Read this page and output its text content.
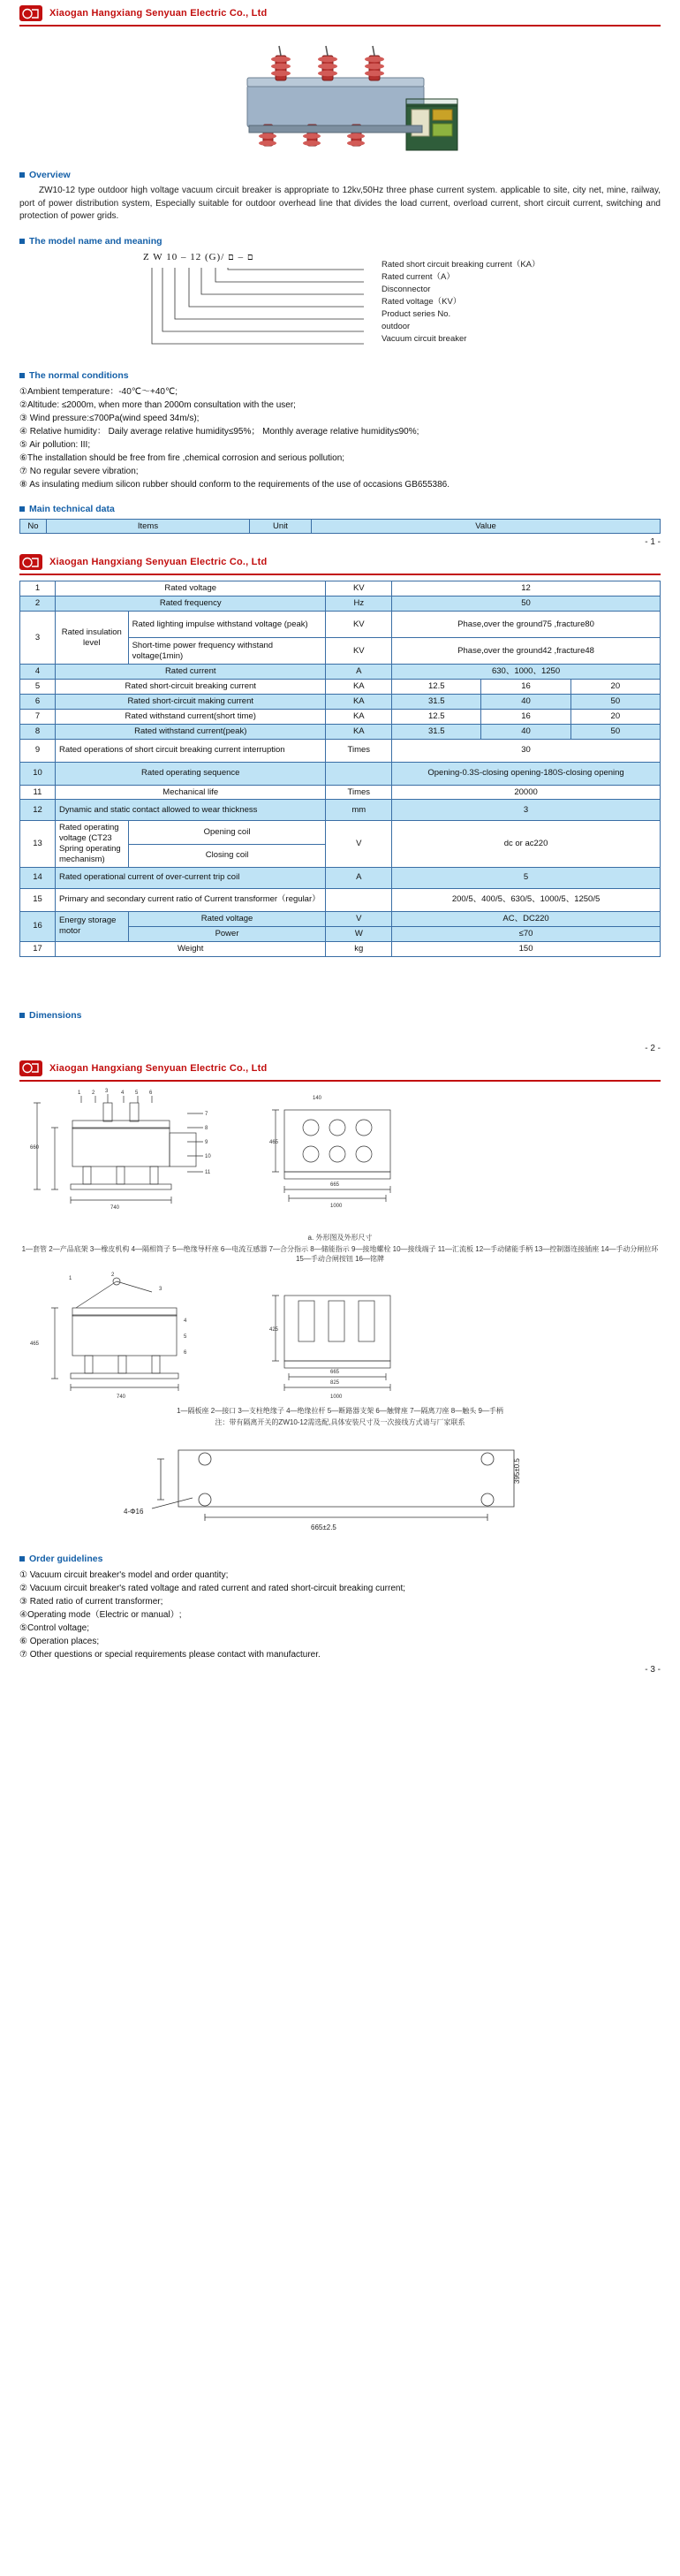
Xiaogan Hangxiang Senyuan Electric Co., Ltd
Overview

ZW10-12 type outdoor high voltage vacuum circuit breaker is appropriate to 12kv,50Hz three phase current system. applicable to site, city net, mine, railway, port of power distribution system, Especially suitable for outdoor overhead line that divides the load current, overload current, short circuit current, switching and protection of power grids.

The model name and meaning
Z W 10 – 12 (G)/ ם – ם
Rated short circuit breaking current（KA）
Rated current（A）
Disconnector
Rated voltage（KV）
Product series No.
outdoor
Vacuum circuit breaker
The normal conditions
①Ambient temperature：-40℃～+40℃;
②Altitude: ≤2000m, when more than 2000m consultation with the user;
③ Wind pressure:≤700Pa(wind speed 34m/s);
④ Relative humidity： Daily average relative humidity≤95%； Monthly average relative humidity≤90%;
⑤ Air pollution: III;
⑥The installation should be free from fire ,chemical corrosion and serious pollution;
⑦ No regular severe vibration;
⑧ As insulating medium silicon rubber should conform to the requirements of the use of occasions GB655386.
Main technical data
No	Items	Unit	Value
- 1 -
Xiaogan Hangxiang Senyuan Electric Co., Ltd
1	Rated voltage		KV	12		
2	Rated frequency		Hz	50		
3	Rated insulation level	Rated lighting impulse withstand voltage (peak)	KV	Phase,over the ground75 ,fracture80		
		Short-time power frequency withstand voltage(1min)	KV	Phase,over the ground42 ,fracture48		
4	Rated current		A	630、1000、1250		
5	Rated short-circuit breaking current		KA	12.5	16	20
6	Rated short-circuit making current		KA	31.5	40	50
7	Rated withstand current(short time)		KA	12.5	16	20
8	Rated withstand current(peak)		KA	31.5	40	50
9	Rated operations of short circuit breaking current interruption		Times	30		
10	Rated operating sequence			Opening-0.3S-closing opening-180S-closing opening		
11	Mechanical life		Times	20000		
12	Dynamic and static contact allowed to wear thickness		mm	3		
13	Rated operating voltage (CT23 Spring operating mechanism)	Opening coil	V	dc or ac220		
		Closing coil				
14	Rated operational current of over-current trip coil		A	5		
15	Primary and secondary current ratio of Current transformer（regular）			200/5、400/5、630/5、1000/5、1250/5		
16	Energy storage motor	Rated voltage	V	AC、DC220		
		Power	W	≤70		
17	Weight		kg	150		
Dimensions
- 2 -
Xiaogan Hangxiang Senyuan Electric Co., Ltd
1 2 3 4 5 6
7
8
9
10
11
660
740
140
465
665
1000
a. 外形图及外形尺寸
1—套管 2—产品底架 3—橡皮机构 4—隔相筒子 5—绝缘导杆座 6—电流互感器 7—合分指示 8—储能指示 9—接地螺栓 10—接线端子 11—汇流板 12—手动储能手柄 13—控制器连接插座 14—手动分闸拉环 15—手动合闸按钮 16—铭牌
1
2
3
4
5
6
465
740
425
665
825
1000
1—隔板座 2—接口 3—支柱绝缘子 4—绝缘拉杆 5—断路器支架 6—触臂座 7—隔离刀座 8—触头 9—手柄
注：带有隔离开关的ZW10-12需选配,具体安装尺寸及一次接线方式请与厂家联系
4-Φ16
665±2.5
395±0.5
Order guidelines
① Vacuum circuit breaker's model and order quantity;
② Vacuum circuit breaker's rated voltage and rated current and rated short-circuit breaking current;
③ Rated ratio of current transformer;
④Operating mode（Electric or manual）;
⑤Control voltage;
⑥ Operation places;
⑦ Other questions or special requirements please contact with manufacturer.
- 3 -
